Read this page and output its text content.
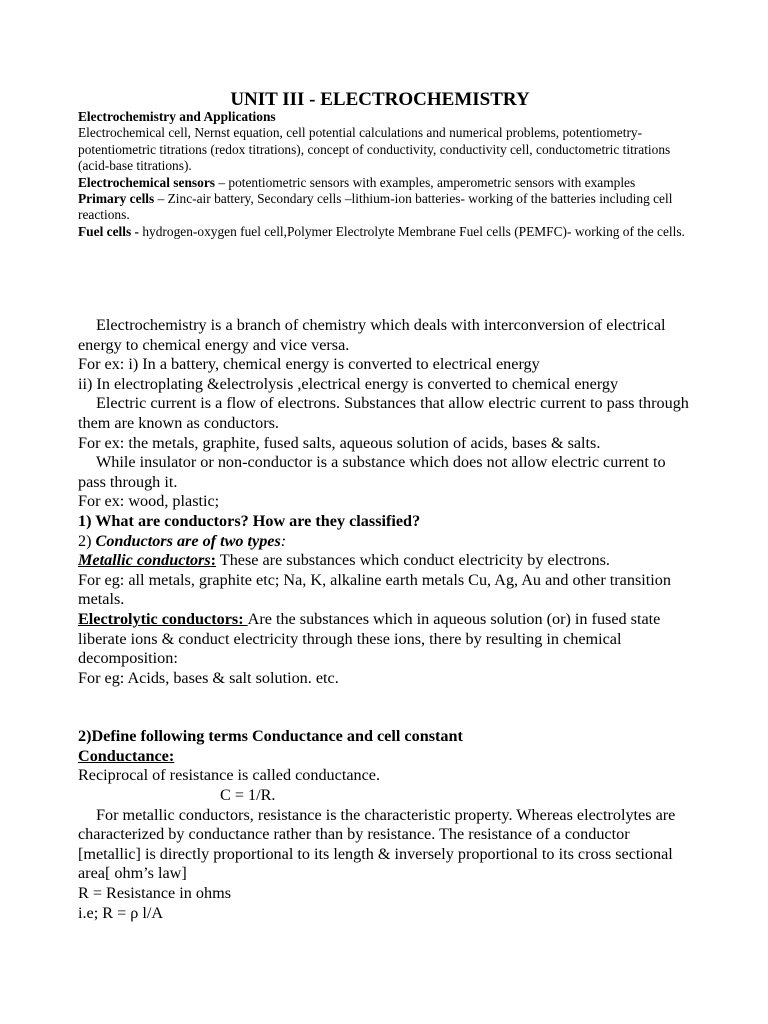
UNIT III - ELECTROCHEMISTRY

Electrochemistry and Applications

Electrochemical cell, Nernst equation, cell potential calculations and numerical problems, potentiometry- potentiometric titrations (redox titrations), concept of conductivity, conductivity cell, conductometric titrations (acid-base titrations).

Electrochemical sensors – potentiometric sensors with examples, amperometric sensors with examples

Primary cells – Zinc-air battery, Secondary cells –lithium-ion batteries- working of the batteries including cell reactions.

Fuel cells - hydrogen-oxygen fuel cell,Polymer Electrolyte Membrane Fuel cells (PEMFC)- working of the cells.

Electrochemistry is a branch of chemistry which deals with interconversion of electrical energy to chemical energy and vice versa.

For ex: i) In a battery, chemical energy is converted to electrical energy

ii) In electroplating &electrolysis ,electrical energy is converted to chemical energy

Electric current is a flow of electrons. Substances that allow electric current to pass through them are known as conductors.

For ex: the metals, graphite, fused salts, aqueous solution of acids, bases & salts.

While insulator or non-conductor is a substance which does not allow electric current to pass through it.

For ex: wood, plastic;

1) What are conductors? How are they classified?

2) Conductors are of two types:

Metallic conductors: These are substances which conduct electricity by electrons.

For eg: all metals, graphite etc; Na, K, alkaline earth metals Cu, Ag, Au and other transition metals.

Electrolytic conductors: Are the substances which in aqueous solution (or) in fused state liberate ions & conduct electricity through these ions, there by resulting in chemical decomposition:

For eg: Acids, bases & salt solution. etc.

2)Define following terms Conductance and cell constant

Conductance:

Reciprocal of resistance is called conductance.

C = 1/R.

For metallic conductors, resistance is the characteristic property. Whereas electrolytes are characterized by conductance rather than by resistance. The resistance of a conductor [metallic] is directly proportional to its length & inversely proportional to its cross sectional area[ ohm’s law]

R = Resistance in ohms

i.e; R = ρ l/A
